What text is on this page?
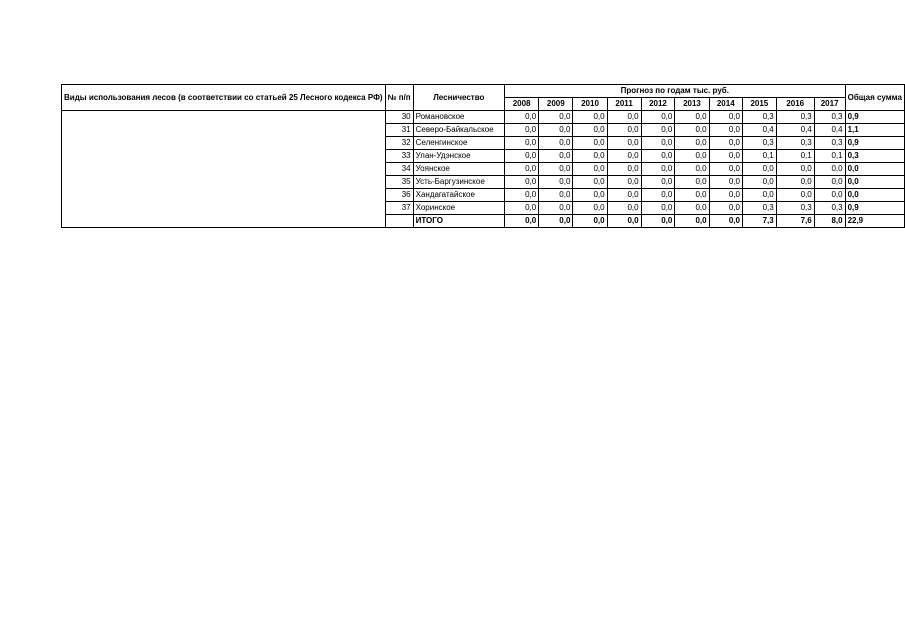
Виды использования лесов (в соответствии со статьей 25 Лесного кодекса РФ)	№ п/п	Лесничество	Прогноз по годам тыс. руб.										Общая сумма
			2008	2009	2010	2011	2012	2013	2014	2015	2016	2017	
	30	Романовское	0,0	0,0	0,0	0,0	0,0	0,0	0,0	0,3	0,3	0,3	0,9
	31	Северо-Байкальское	0,0	0,0	0,0	0,0	0,0	0,0	0,0	0,4	0,4	0,4	1,1
	32	Селенгинское	0,0	0,0	0,0	0,0	0,0	0,0	0,0	0,3	0,3	0,3	0,9
	33	Улан-Удэнское	0,0	0,0	0,0	0,0	0,0	0,0	0,0	0,1	0,1	0,1	0,3
	34	Уоянское	0,0	0,0	0,0	0,0	0,0	0,0	0,0	0,0	0,0	0,0	0,0
	35	Усть-Баргузинское	0,0	0,0	0,0	0,0	0,0	0,0	0,0	0,0	0,0	0,0	0,0
	36	Хандагатайское	0,0	0,0	0,0	0,0	0,0	0,0	0,0	0,0	0,0	0,0	0,0
	37	Хоринское	0,0	0,0	0,0	0,0	0,0	0,0	0,0	0,3	0,3	0,3	0,9
		ИТОГО	0,0	0,0	0,0	0,0	0,0	0,0	0,0	7,3	7,6	8,0	22,9
